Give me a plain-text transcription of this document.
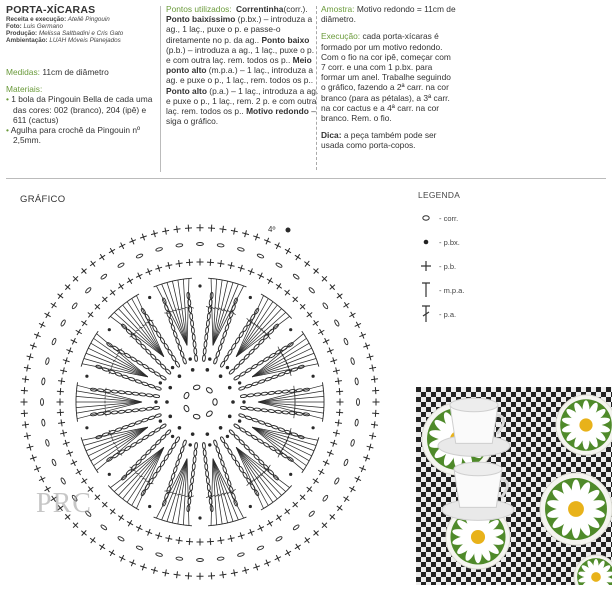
PORTA-XÍCARAS
Receita e execução: Ateliê Pingouin
Foto: Luis Germano
Produção: Melissa Saltbadini e Cris Gato
Ambientação: LUAH Móveis Planejados
Medidas: 11cm de diâmetro
Materiais:
• 1 bola da Pingouin Bella de cada uma das cores: 002 (branco), 204 (ipê) e 611 (cactus)
• Agulha para crochê da Pingouin nº 2,5mm.
Pontos utilizados: Correntinha(corr.). Ponto baixíssimo (p.bx.) – introduza a ag., 1 laç., puxe o p. e passe-o diretamente no p. da ag.. Ponto baixo (p.b.) – introduza a ag., 1 laç., puxe o p. e com outra laç. rem. todos os p.. Meio ponto alto (m.p.a.) – 1 laç., introduza a ag. e puxe o p., 1 laç., rem. todos os p.. Ponto alto (p.a.) – 1 laç., introduza a ag. e puxe o p., 1 laç., rem. 2 p. e com outra laç. rem. todos os p.. Motivo redondo – siga o gráfico.
Amostra: Motivo redondo = 11cm de diâmetro.
Execução: cada porta-xícaras é formado por um motivo redondo. Com o fio na cor ipê, começar com 7 corr. e una com 1 p.bx. para formar um anel. Trabalhe seguindo o gráfico, fazendo a 2ª carr. na cor branco (para as pétalas), a 3ª carr. na cor cactus e a 4ª carr. na cor branco. Rem. o fio.
Dica: a peça também pode ser usada como porta-copos.
GRÁFICO
4º
PRC
LEGENDA
- corr.
- p.bx.
- p.b.
- m.p.a.
- p.a.
